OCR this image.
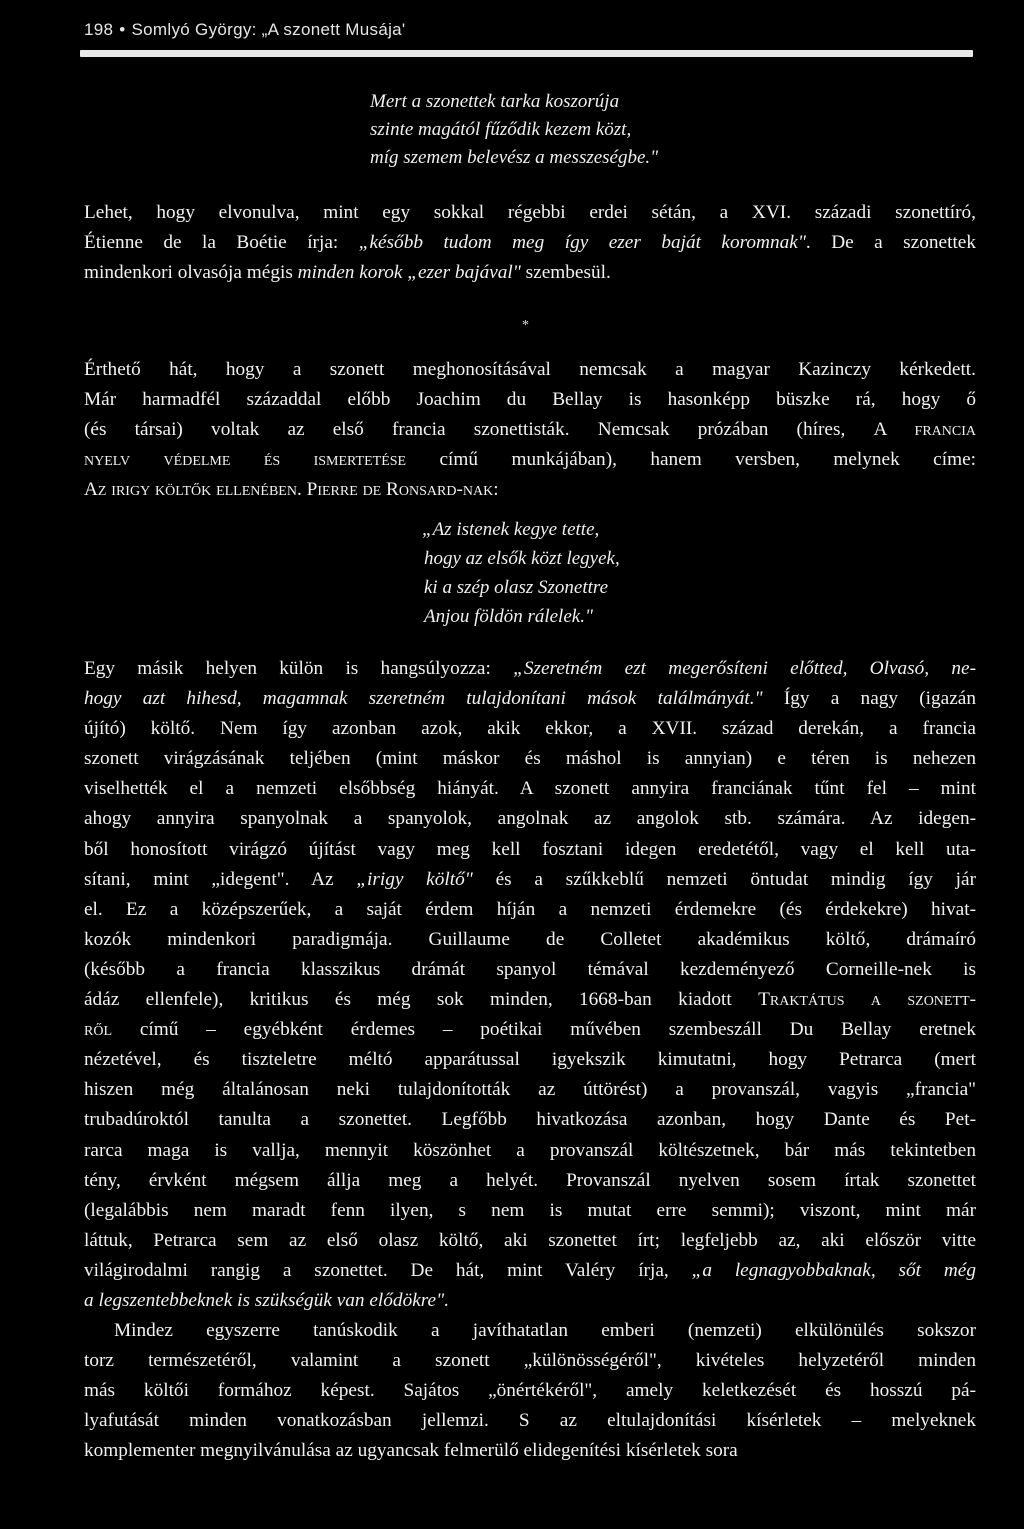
198 • Somlyó György: „A szonett Musája'
Mert a szonettek tarka koszorúja
szinte magától fűződik kezem közt,
míg szemem belevész a messzeségbe."
Lehet, hogy elvonulva, mint egy sokkal régebbi erdei sétán, a XVI. századi szonettíró,
Étienne de la Boétie írja: „később tudom meg így ezer baját koromnak". De a szonettek
mindenkori olvasója mégis minden korok „ezer bajával" szembesül.
*
Érthető hát, hogy a szonett meghonosításával nemcsak a magyar Kazinczy kérkedett.
Már harmadfél századdal előbb Joachim du Bellay is hasonképp büszke rá, hogy ő
(és társai) voltak az első francia szonettisták. Nemcsak prózában (híres, A francia
nyelv védelme és ismertetése című munkájában), hanem versben, melynek címe:
Az irigy költők ellenében. Pierre de Ronsard-nak:
„Az istenek kegye tette,
hogy az elsők közt legyek,
ki a szép olasz Szonettre
Anjou földön rálelek."
Egy másik helyen külön is hangsúlyozza: „Szeretném ezt megerősíteni előtted, Olvasó, ne-
hogy azt hihesd, magamnak szeretném tulajdonítani mások találmányát." Így a nagy (igazán
újító) költő. Nem így azonban azok, akik ekkor, a XVII. század derekán, a francia
szonett virágzásának teljében (mint máskor és máshol is annyian) e téren is nehezen
viselhették el a nemzeti elsőbbség hiányát. A szonett annyira franciának tűnt fel – mint
ahogy annyira spanyolnak a spanyolok, angolnak az angolok stb. számára. Az idegen-
ből honosított virágzó újítást vagy meg kell fosztani idegen eredetétől, vagy el kell uta-
sítani, mint „idegent". Az „irigy költő" és a szűkkeblű nemzeti öntudat mindig így jár
el. Ez a középszerűek, a saját érdem híján a nemzeti érdemekre (és érdekekre) hivat-
kozók mindenkori paradigmája. Guillaume de Colletet akadémikus költő, drámaíró
(később a francia klasszikus drámát spanyol témával kezdeményező Corneille-nek is
ádáz ellenfele), kritikus és még sok minden, 1668-ban kiadott Traktátus a szonett-
ről című – egyébként érdemes – poétikai művében szembeszáll Du Bellay eretnek
nézetével, és tiszteletre méltó apparátussal igyekszik kimutatni, hogy Petrarca (mert
hiszen még általánosan neki tulajdonították az úttörést) a provanszál, vagyis „francia"
trubadúroktól tanulta a szonettet. Legfőbb hivatkozása azonban, hogy Dante és Pet-
rarca maga is vallja, mennyit köszönhet a provanszál költészetnek, bár más tekintetben
tény, érvként mégsem állja meg a helyét. Provanszál nyelven sosem írtak szonettet
(legalábbis nem maradt fenn ilyen, s nem is mutat erre semmi); viszont, mint már
láttuk, Petrarca sem az első olasz költő, aki szonettet írt; legfeljebb az, aki először vitte
világirodalmi rangig a szonettet. De hát, mint Valéry írja, „a legnagyobbaknak, sőt még
a legszentebbeknek is szükségük van elődökre".
Mindez egyszerre tanúskodik a javíthatatlan emberi (nemzeti) elkülönülés sokszor
torz természetéről, valamint a szonett „különösségéről", kivételes helyzetéről minden
más költői formához képest. Sajátos „önértékéről", amely keletkezését és hosszú pá-
lyafutását minden vonatkozásban jellemzi. S az eltulajdonítási kísérletek – melyeknek
komplementer megnyilvánulása az ugyancsak felmerülő elidegenítési kísérletek sora
